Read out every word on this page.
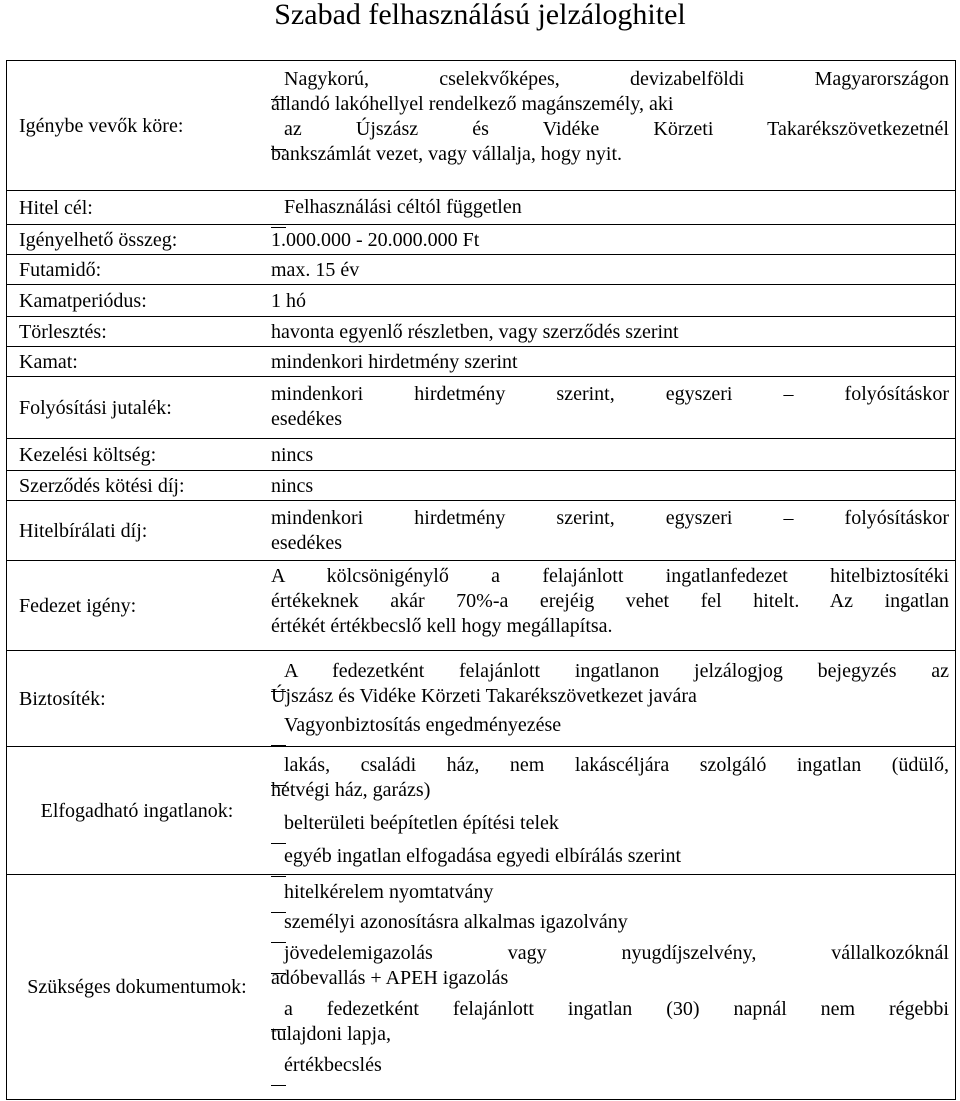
Szabad felhasználású jelzáloghitel
Igénybe vevők köre:
Nagykorú, cselekvőképes, devizabelföldi Magyarországon
állandó lakóhellyel rendelkező magánszemély, aki
az Újszász és Vidéke Körzeti Takarékszövetkezetnél
bankszámlát vezet, vagy vállalja, hogy nyit.
Hitel cél:	Felhasználási céltól független
Igényelhető összeg:	1.000.000 - 20.000.000 Ft
Futamidő:	max. 15 év
Kamatperiódus:	1 hó
Törlesztés:	havonta egyenlő részletben, vagy szerződés szerint
Kamat:	mindenkori hirdetmény szerint
Folyósítási jutalék:
mindenkori hirdetmény szerint, egyszeri – folyósításkor
esedékes
Kezelési költség:	nincs
Szerződés kötési díj:	nincs
Hitelbírálati díj:
mindenkori hirdetmény szerint, egyszeri – folyósításkor
esedékes
Fedezet igény:
A kölcsönigénylő a felajánlott ingatlanfedezet hitelbiztosítéki
értékeknek akár 70%-a erejéig vehet fel hitelt. Az ingatlan
értékét értékbecslő kell hogy megállapítsa.
Biztosíték:
A fedezetként felajánlott ingatlanon jelzálogjog bejegyzés az
Újszász és Vidéke Körzeti Takarékszövetkezet javára
Vagyonbiztosítás engedményezése
Elfogadható ingatlanok:
lakás, családi ház, nem lakáscéljára szolgáló ingatlan (üdülő,
hétvégi ház, garázs)
belterületi beépítetlen építési telek
egyéb ingatlan elfogadása egyedi elbírálás szerint
Szükséges dokumentumok:
hitelkérelem nyomtatvány
személyi azonosításra alkalmas igazolvány
jövedelemigazolás vagy nyugdíjszelvény, vállalkozóknál
adóbevallás + APEH igazolás
a fedezetként felajánlott ingatlan (30) napnál nem régebbi
tulajdoni lapja,
értékbecslés
